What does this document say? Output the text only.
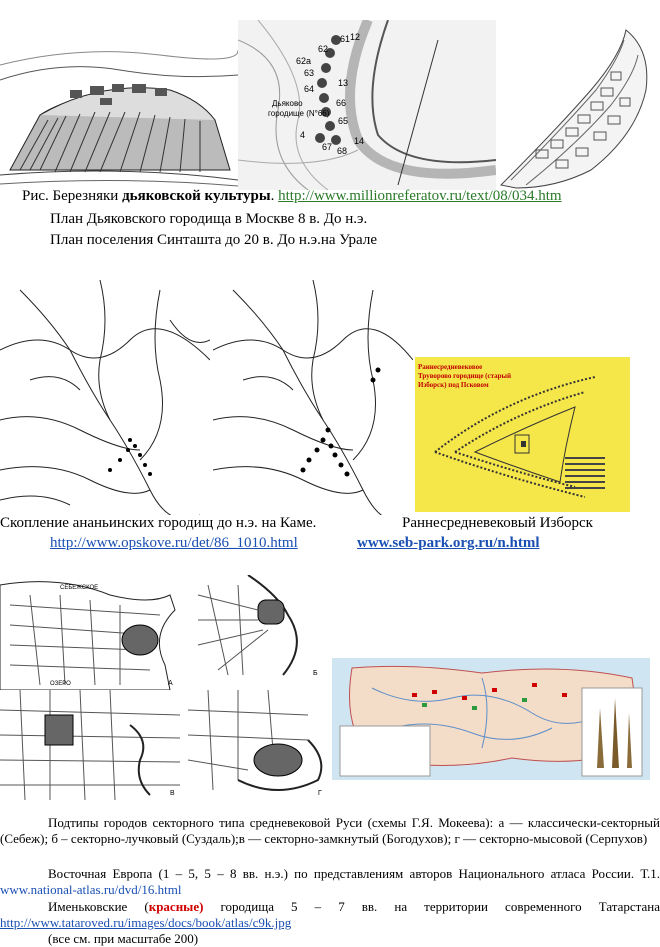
61 12
62
62a
63
64
13
66
65
4
67 68
14
Дьяково
городище (N°66)
Рис. Березняки дьяковской культуры. http://www.millionreferatov.ru/text/08/034.htm
План Дьяковского городища в Москве 8 в. До н.э.
План поселения Синташта до 20 в. До н.э.на Урале
Раннесредневековое
Труворово городище (старый
Изборск) под Псковом
Скопление ананьинских городищ до н.э. на Каме.	Раннесредневековый Изборск
http://www.opskove.ru/det/86_1010.html	www.seb-park.org.ru/n.html
СЕБЕЖСКОЕ
ОЗЕРО	А
Б
В	Г
Подтипы городов секторного типа средневековой Руси (схемы Г.Я. Мокеева): а — классически-секторный (Себеж); б – секторно-лучковый (Суздаль);в — секторно-замкнутый (Богодухов); г — секторно-мысовой (Серпухов)
Восточная Европа (1 – 5, 5 – 8 вв. н.э.) по представлениям авторов Национального атласа России. Т.1. www.national-atlas.ru/dvd/16.html
Именьковские (красные) городища 5 – 7 вв. на территории современного Татарстана http://www.tataroved.ru/images/docs/book/atlas/c9k.jpg
(все см. при масштабе 200)
